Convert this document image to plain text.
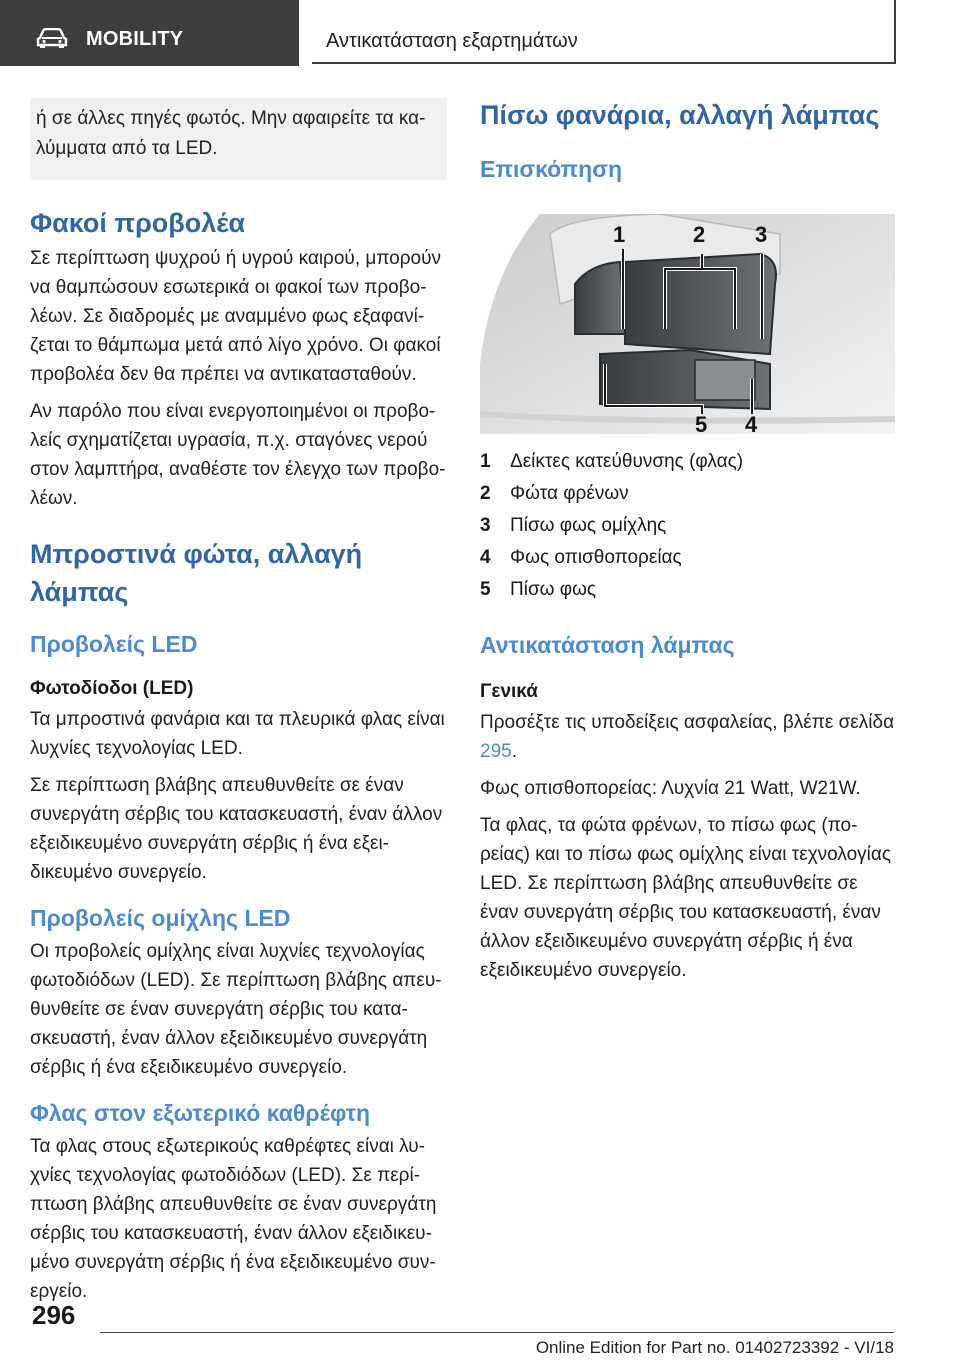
MOBILITY	Αντικατάσταση εξαρτημάτων
ή σε άλλες πηγές φωτός. Μην αφαιρείτε τα καλύμματα από τα LED.
Φακοί προβολέα

Σε περίπτωση ψυχρού ή υγρού καιρού, μπορούν να θαμπώσουν εσωτερικά οι φακοί των προβολέων. Σε διαδρομές με αναμμένο φως εξαφανίζεται το θάμπωμα μετά από λίγο χρόνο. Οι φακοί προβολέα δεν θα πρέπει να αντικατασταθούν.

Αν παρόλο που είναι ενεργοποιημένοι οι προβολείς σχηματίζεται υγρασία, π.χ. σταγόνες νερού στον λαμπτήρα, αναθέστε τον έλεγχο των προβολέων.

Μπροστινά φώτα, αλλαγή λάμπας
Προβολείς LED
Φωτοδίοδοι (LED)

Τα μπροστινά φανάρια και τα πλευρικά φλας είναι λυχνίες τεχνολογίας LED.

Σε περίπτωση βλάβης απευθυνθείτε σε έναν συνεργάτη σέρβις του κατασκευαστή, έναν άλλον εξειδικευμένο συνεργάτη σέρβις ή ένα εξειδικευμένο συνεργείο.

Προβολείς ομίχλης LED

Οι προβολείς ομίχλης είναι λυχνίες τεχνολογίας φωτοδιόδων (LED). Σε περίπτωση βλάβης απευθυνθείτε σε έναν συνεργάτη σέρβις του κατασκευαστή, έναν άλλον εξειδικευμένο συνεργάτη σέρβις ή ένα εξειδικευμένο συνεργείο.

Φλας στον εξωτερικό καθρέφτη

Τα φλας στους εξωτερικούς καθρέφτες είναι λυχνίες τεχνολογίας φωτοδιόδων (LED). Σε περίπτωση βλάβης απευθυνθείτε σε έναν συνεργάτη σέρβις του κατασκευαστή, έναν άλλον εξειδικευμένο συνεργάτη σέρβις ή ένα εξειδικευμένο συνεργείο.

Πίσω φανάρια, αλλαγή λάμπας
Επισκόπηση
1	2 3
5 4
1	Δείκτες κατεύθυνσης (φλας)
2	Φώτα φρένων
3	Πίσω φως ομίχλης
4	Φως οπισθοπορείας
5	Πίσω φως
Αντικατάσταση λάμπας
Γενικά

Προσέξτε τις υποδείξεις ασφαλείας, βλέπε σελίδα 295.

Φως οπισθοπορείας: Λυχνία 21 Watt, W21W.

Τα φλας, τα φώτα φρένων, το πίσω φως (πορείας) και το πίσω φως ομίχλης είναι τεχνολογίας LED. Σε περίπτωση βλάβης απευθυνθείτε σε έναν συνεργάτη σέρβις του κατασκευαστή, έναν άλλον εξειδικευμένο συνεργάτη σέρβις ή ένα εξειδικευμένο συνεργείο.

296
Online Edition for Part no. 01402723392 - VI/18
